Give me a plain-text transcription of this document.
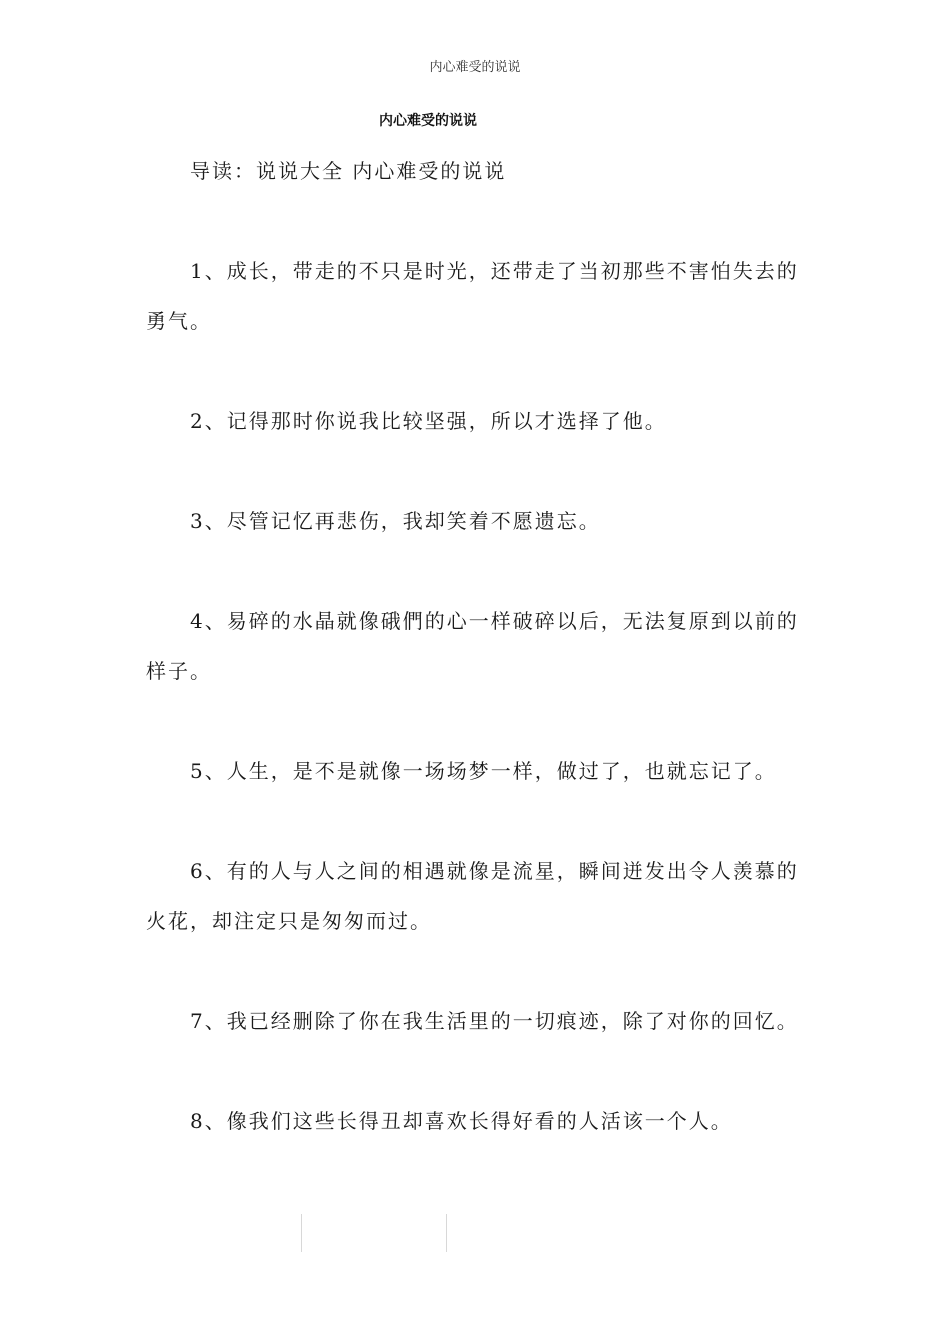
内心难受的说说
内心难受的说说

导读：说说大全 内心难受的说说

1、成长，带走的不只是时光，还带走了当初那些不害怕失去的勇气。

2、记得那时你说我比较坚强，所以才选择了他。

3、尽管记忆再悲伤，我却笑着不愿遗忘。

4、易碎的水晶就像硪們的心一样破碎以后，无法复原到以前的样子。

5、人生，是不是就像一场场梦一样，做过了，也就忘记了。

6、有的人与人之间的相遇就像是流星，瞬间迸发出令人羡慕的火花，却注定只是匆匆而过。

7、我已经删除了你在我生活里的一切痕迹，除了对你的回忆。

8、像我们这些长得丑却喜欢长得好看的人活该一个人。
